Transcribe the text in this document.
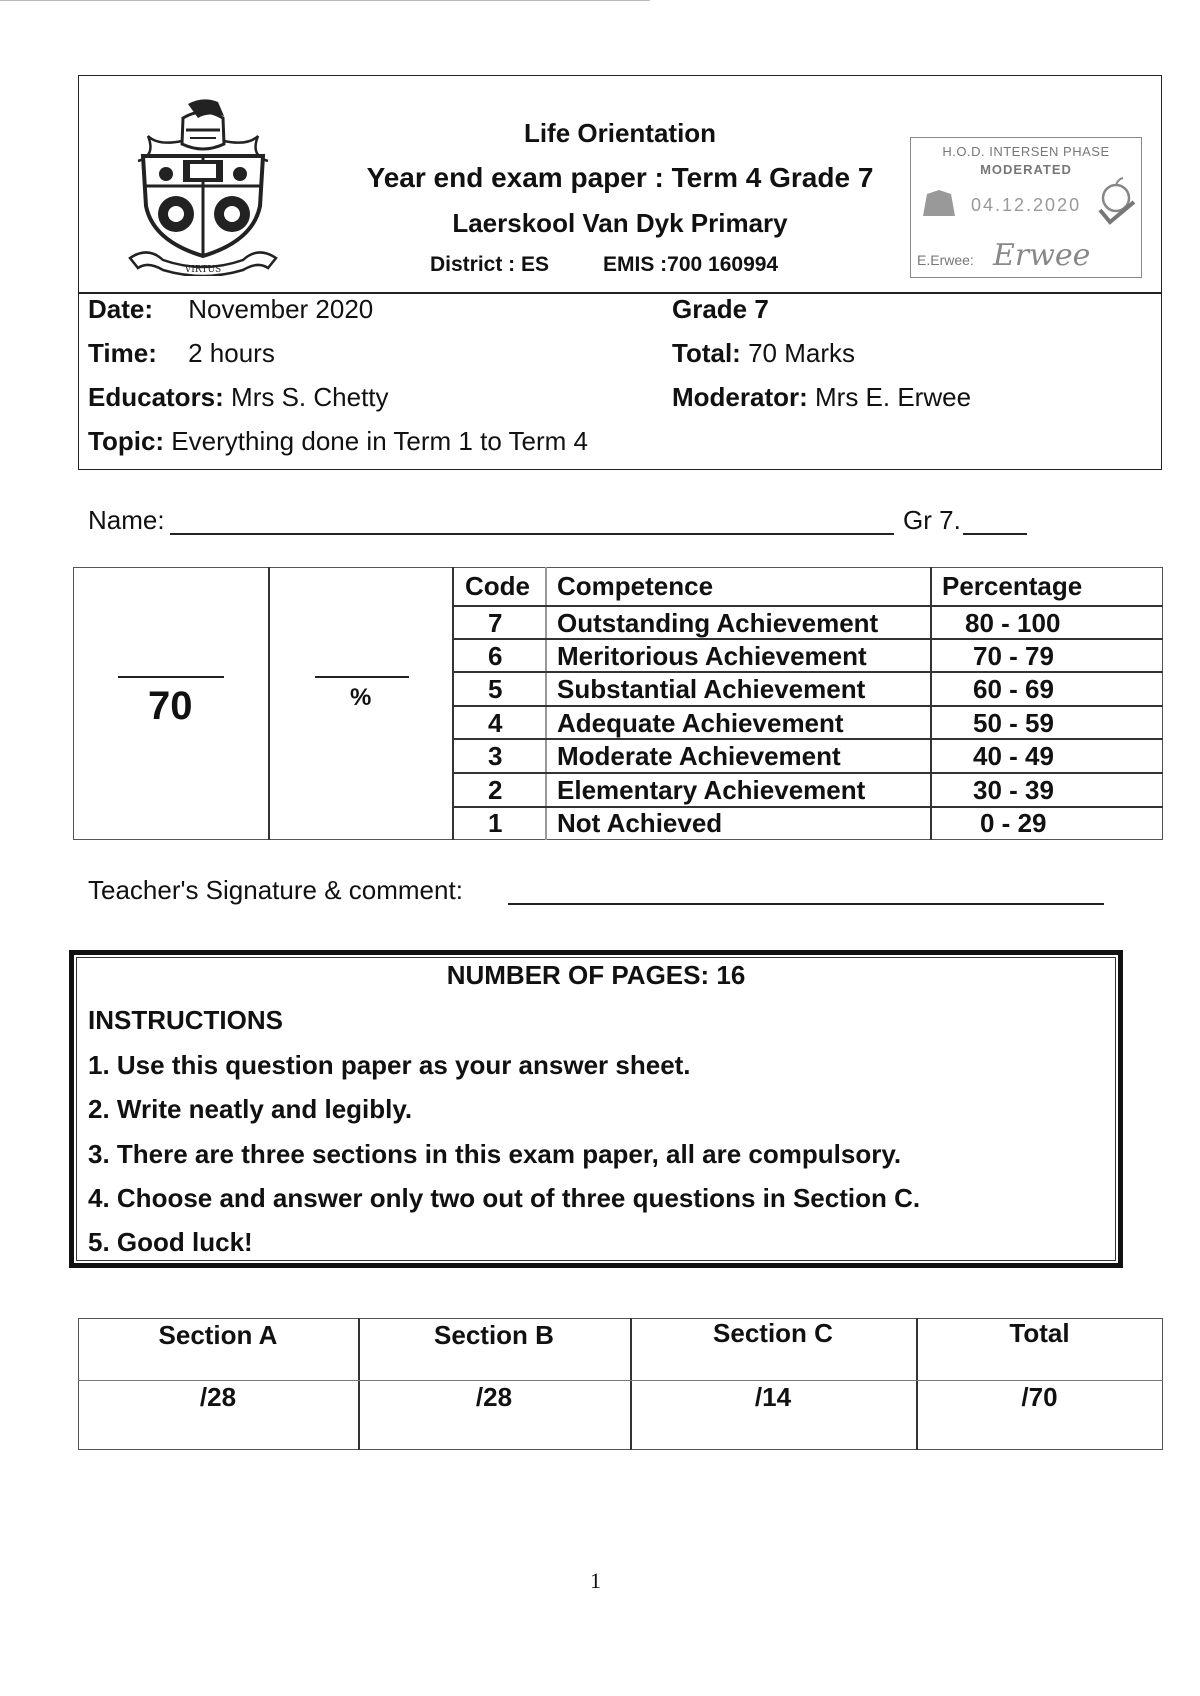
VIRTUS
Life Orientation
Year end exam paper : Term 4 Grade 7
Laerskool Van Dyk Primary
District : ES	EMIS :700 160994
H.O.D. INTERSEN PHASE
MODERATED
04.12.2020
E.Erwee: Erwee
Date: November 2020
Time: 2 hours
Educators: Mrs S. Chetty
Topic: Everything done in Term 1 to Term 4
Grade 7
Total: 70 Marks
Moderator: Mrs E. Erwee
Name:	Gr 7.
70	%
Code Competence	Percentage
7 Outstanding Achievement	80 - 100
6 Meritorious Achievement	70 - 79
5 Substantial Achievement	60 - 69
4 Adequate Achievement	50 - 59
3 Moderate Achievement	40 - 49
2 Elementary Achievement	30 - 39
1 Not Achieved	0 - 29
Teacher's Signature & comment:
NUMBER OF PAGES: 16
INSTRUCTIONS
1. Use this question paper as your answer sheet.
2. Write neatly and legibly.
3. There are three sections in this exam paper, all are compulsory.
4. Choose and answer only two out of three questions in Section C.
5. Good luck!
Section A	Section B	Section C	Total
/28	/28	/14	/70
1
